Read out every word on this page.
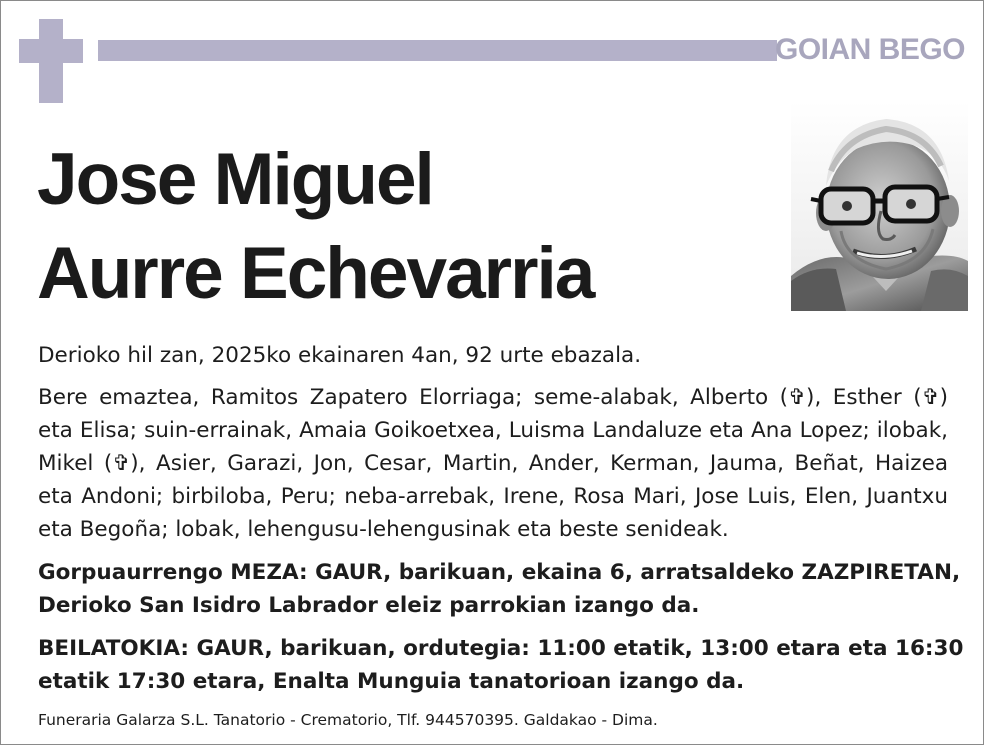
GOIAN BEGO
Jose Miguel
Aurre Echevarria
Derioko hil zan, 2025ko ekainaren 4an, 92 urte ebazala.
Bere emaztea, Ramitos Zapatero Elorriaga; seme-alabak, Alberto (✞), Esther (✞)
eta Elisa; suin-errainak, Amaia Goikoetxea, Luisma Landaluze eta Ana Lopez; ilobak,
Mikel (✞), Asier, Garazi, Jon, Cesar, Martin, Ander, Kerman, Jauma, Beñat, Haizea
eta Andoni; birbiloba, Peru; neba-arrebak, Irene, Rosa Mari, Jose Luis, Elen, Juantxu
eta Begoña; lobak, lehengusu-lehengusinak eta beste senideak.
Gorpuaurrengo MEZA: GAUR, barikuan, ekaina 6, arratsaldeko ZAZPIRETAN,
Derioko San Isidro Labrador eleiz parrokian izango da.
BEILATOKIA: GAUR, barikuan, ordutegia: 11:00 etatik, 13:00 etara eta 16:30
etatik 17:30 etara, Enalta Munguia tanatorioan izango da.
Funeraria Galarza S.L. Tanatorio - Crematorio, Tlf. 944570395. Galdakao - Dima.
